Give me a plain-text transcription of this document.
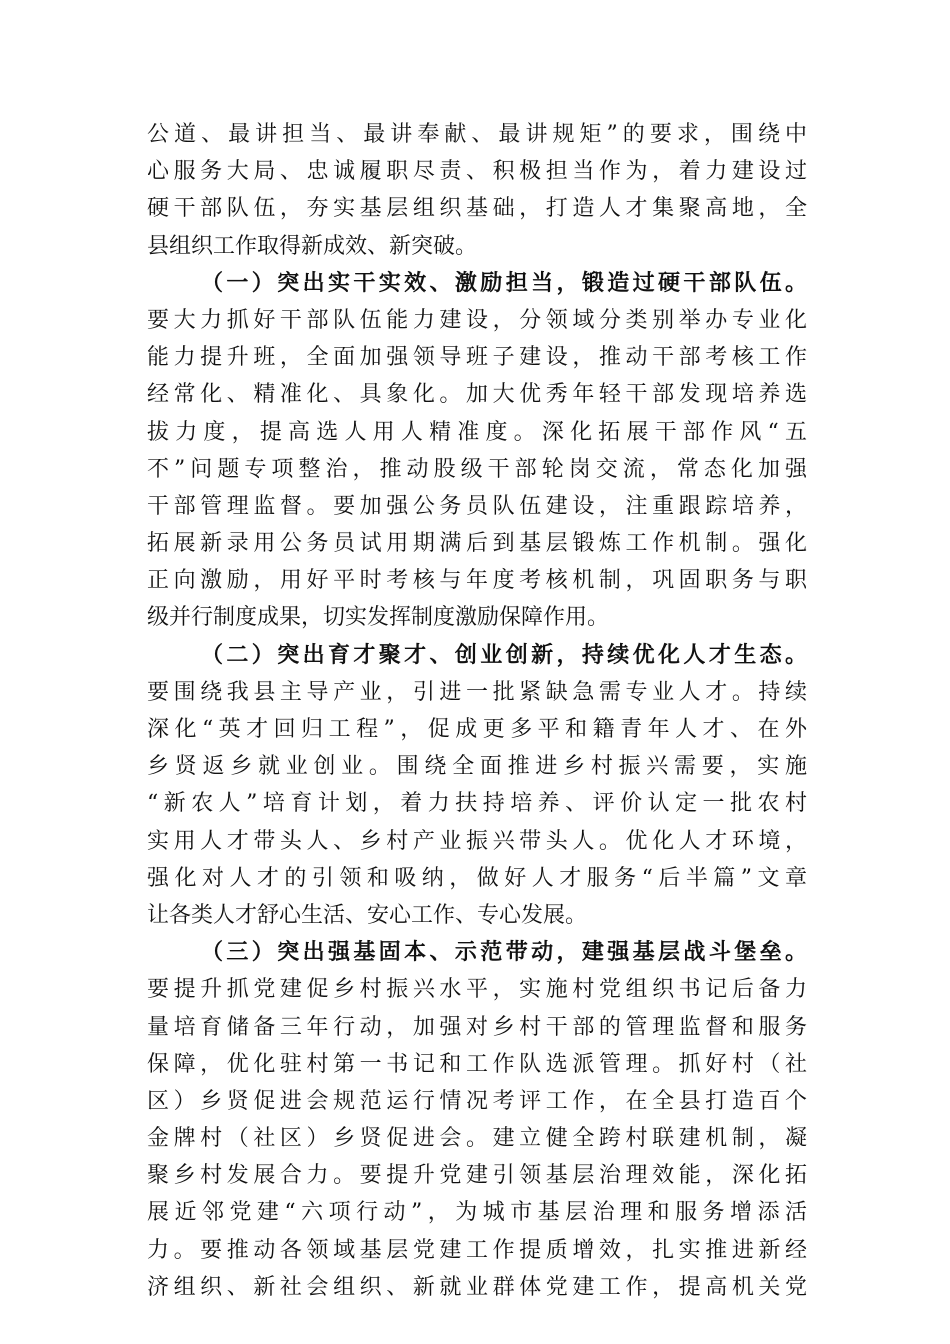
公道、最讲担当、最讲奉献、最讲规矩”的要求，围绕中
心服务大局、忠诚履职尽责、积极担当作为，着力建设过
硬干部队伍，夯实基层组织基础，打造人才集聚高地，全
县组织工作取得新成效、新突破。
（一）突出实干实效、激励担当，锻造过硬干部队伍。
要大力抓好干部队伍能力建设，分领域分类别举办专业化
能力提升班，全面加强领导班子建设，推动干部考核工作
经常化、精准化、具象化。加大优秀年轻干部发现培养选
拔力度，提高选人用人精准度。深化拓展干部作风“五
不”问题专项整治，推动股级干部轮岗交流，常态化加强
干部管理监督。要加强公务员队伍建设，注重跟踪培养，
拓展新录用公务员试用期满后到基层锻炼工作机制。强化
正向激励，用好平时考核与年度考核机制，巩固职务与职
级并行制度成果，切实发挥制度激励保障作用。
（二）突出育才聚才、创业创新，持续优化人才生态。
要围绕我县主导产业，引进一批紧缺急需专业人才。持续
深化“英才回归工程”，促成更多平和籍青年人才、在外
乡贤返乡就业创业。围绕全面推进乡村振兴需要，实施
“新农人”培育计划，着力扶持培养、评价认定一批农村
实用人才带头人、乡村产业振兴带头人。优化人才环境，
强化对人才的引领和吸纳，做好人才服务“后半篇”文章
让各类人才舒心生活、安心工作、专心发展。
（三）突出强基固本、示范带动，建强基层战斗堡垒。
要提升抓党建促乡村振兴水平，实施村党组织书记后备力
量培育储备三年行动，加强对乡村干部的管理监督和服务
保障，优化驻村第一书记和工作队选派管理。抓好村（社
区）乡贤促进会规范运行情况考评工作，在全县打造百个
金牌村（社区）乡贤促进会。建立健全跨村联建机制，凝
聚乡村发展合力。要提升党建引领基层治理效能，深化拓
展近邻党建“六项行动”，为城市基层治理和服务增添活
力。要推动各领域基层党建工作提质增效，扎实推进新经
济组织、新社会组织、新就业群体党建工作，提高机关党
